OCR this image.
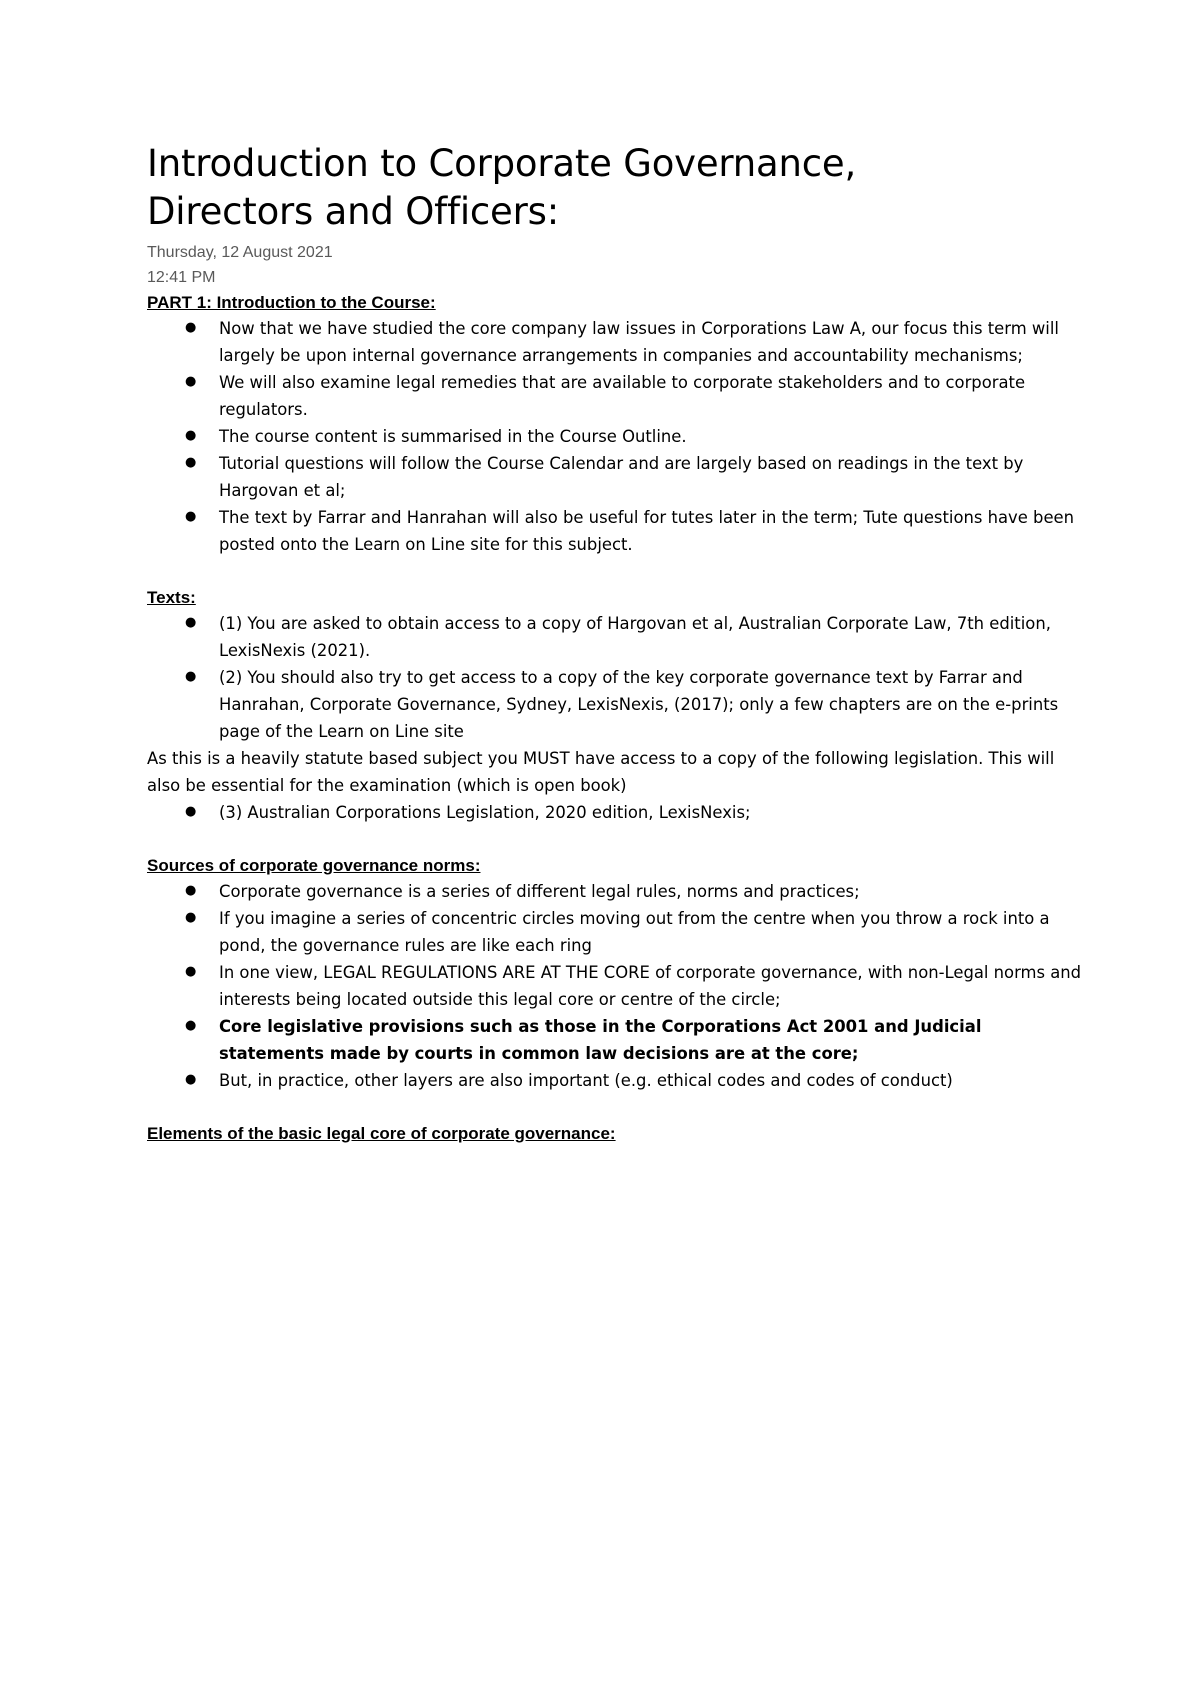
Introduction to Corporate Governance,
Directors and Officers:

Thursday, 12 August 2021

12:41 PM

PART 1: Introduction to the Course:

● Now that we have studied the core company law issues in Corporations Law A, our focus this term will largely be upon internal governance arrangements in companies and accountability mechanisms;
● We will also examine legal remedies that are available to corporate stakeholders and to corporate regulators.
● The course content is summarised in the Course Outline.
● Tutorial questions will follow the Course Calendar and are largely based on readings in the text by Hargovan et al;
● The text by Farrar and Hanrahan will also be useful for tutes later in the term; Tute questions have been posted onto the Learn on Line site for this subject.

Texts:

● (1) You are asked to obtain access to a copy of Hargovan et al, Australian Corporate Law, 7th edition, LexisNexis (2021).
● (2) You should also try to get access to a copy of the key corporate governance text by Farrar and Hanrahan, Corporate Governance, Sydney, LexisNexis, (2017); only a few chapters are on the e-prints page of the Learn on Line site

As this is a heavily statute based subject you MUST have access to a copy of the following legislation. This will also be essential for the examination (which is open book)

● (3) Australian Corporations Legislation, 2020 edition, LexisNexis;

Sources of corporate governance norms:

● Corporate governance is a series of different legal rules, norms and practices;
● If you imagine a series of concentric circles moving out from the centre when you throw a rock into a pond, the governance rules are like each ring
● In one view, LEGAL REGULATIONS ARE AT THE CORE of corporate governance, with non-Legal norms and interests being located outside this legal core or centre of the circle;
● Core legislative provisions such as those in the Corporations Act 2001 and Judicial statements made by courts in common law decisions are at the core;
● But, in practice, other layers are also important (e.g. ethical codes and codes of conduct)

Elements of the basic legal core of corporate governance:
